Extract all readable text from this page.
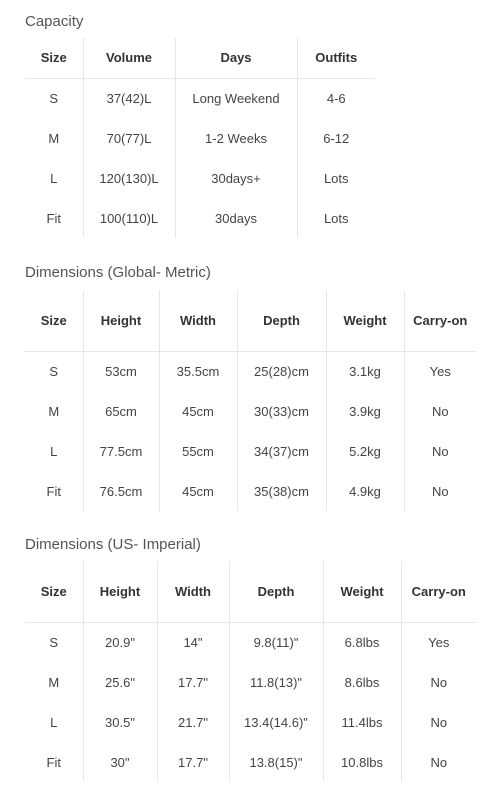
Capacity
Size	Volume	Days	Outfits
S	37(42)L	Long Weekend	4-6
M	70(77)L	1-2 Weeks	6-12
L	120(130)L	30days+	Lots
Fit	100(110)L	30days	Lots
Dimensions (Global- Metric)
Size	Height	Width	Depth	Weight	Carry-on
S	53cm	35.5cm	25(28)cm	3.1kg	Yes
M	65cm	45cm	30(33)cm	3.9kg	No
L	77.5cm	55cm	34(37)cm	5.2kg	No
Fit	76.5cm	45cm	35(38)cm	4.9kg	No
Dimensions (US- Imperial)
Size	Height	Width	Depth	Weight	Carry-on
S	20.9"	14"	9.8(11)"	6.8lbs	Yes
M	25.6"	17.7"	11.8(13)"	8.6lbs	No
L	30.5"	21.7"	13.4(14.6)"	11.4lbs	No
Fit	30"	17.7"	13.8(15)"	10.8lbs	No
